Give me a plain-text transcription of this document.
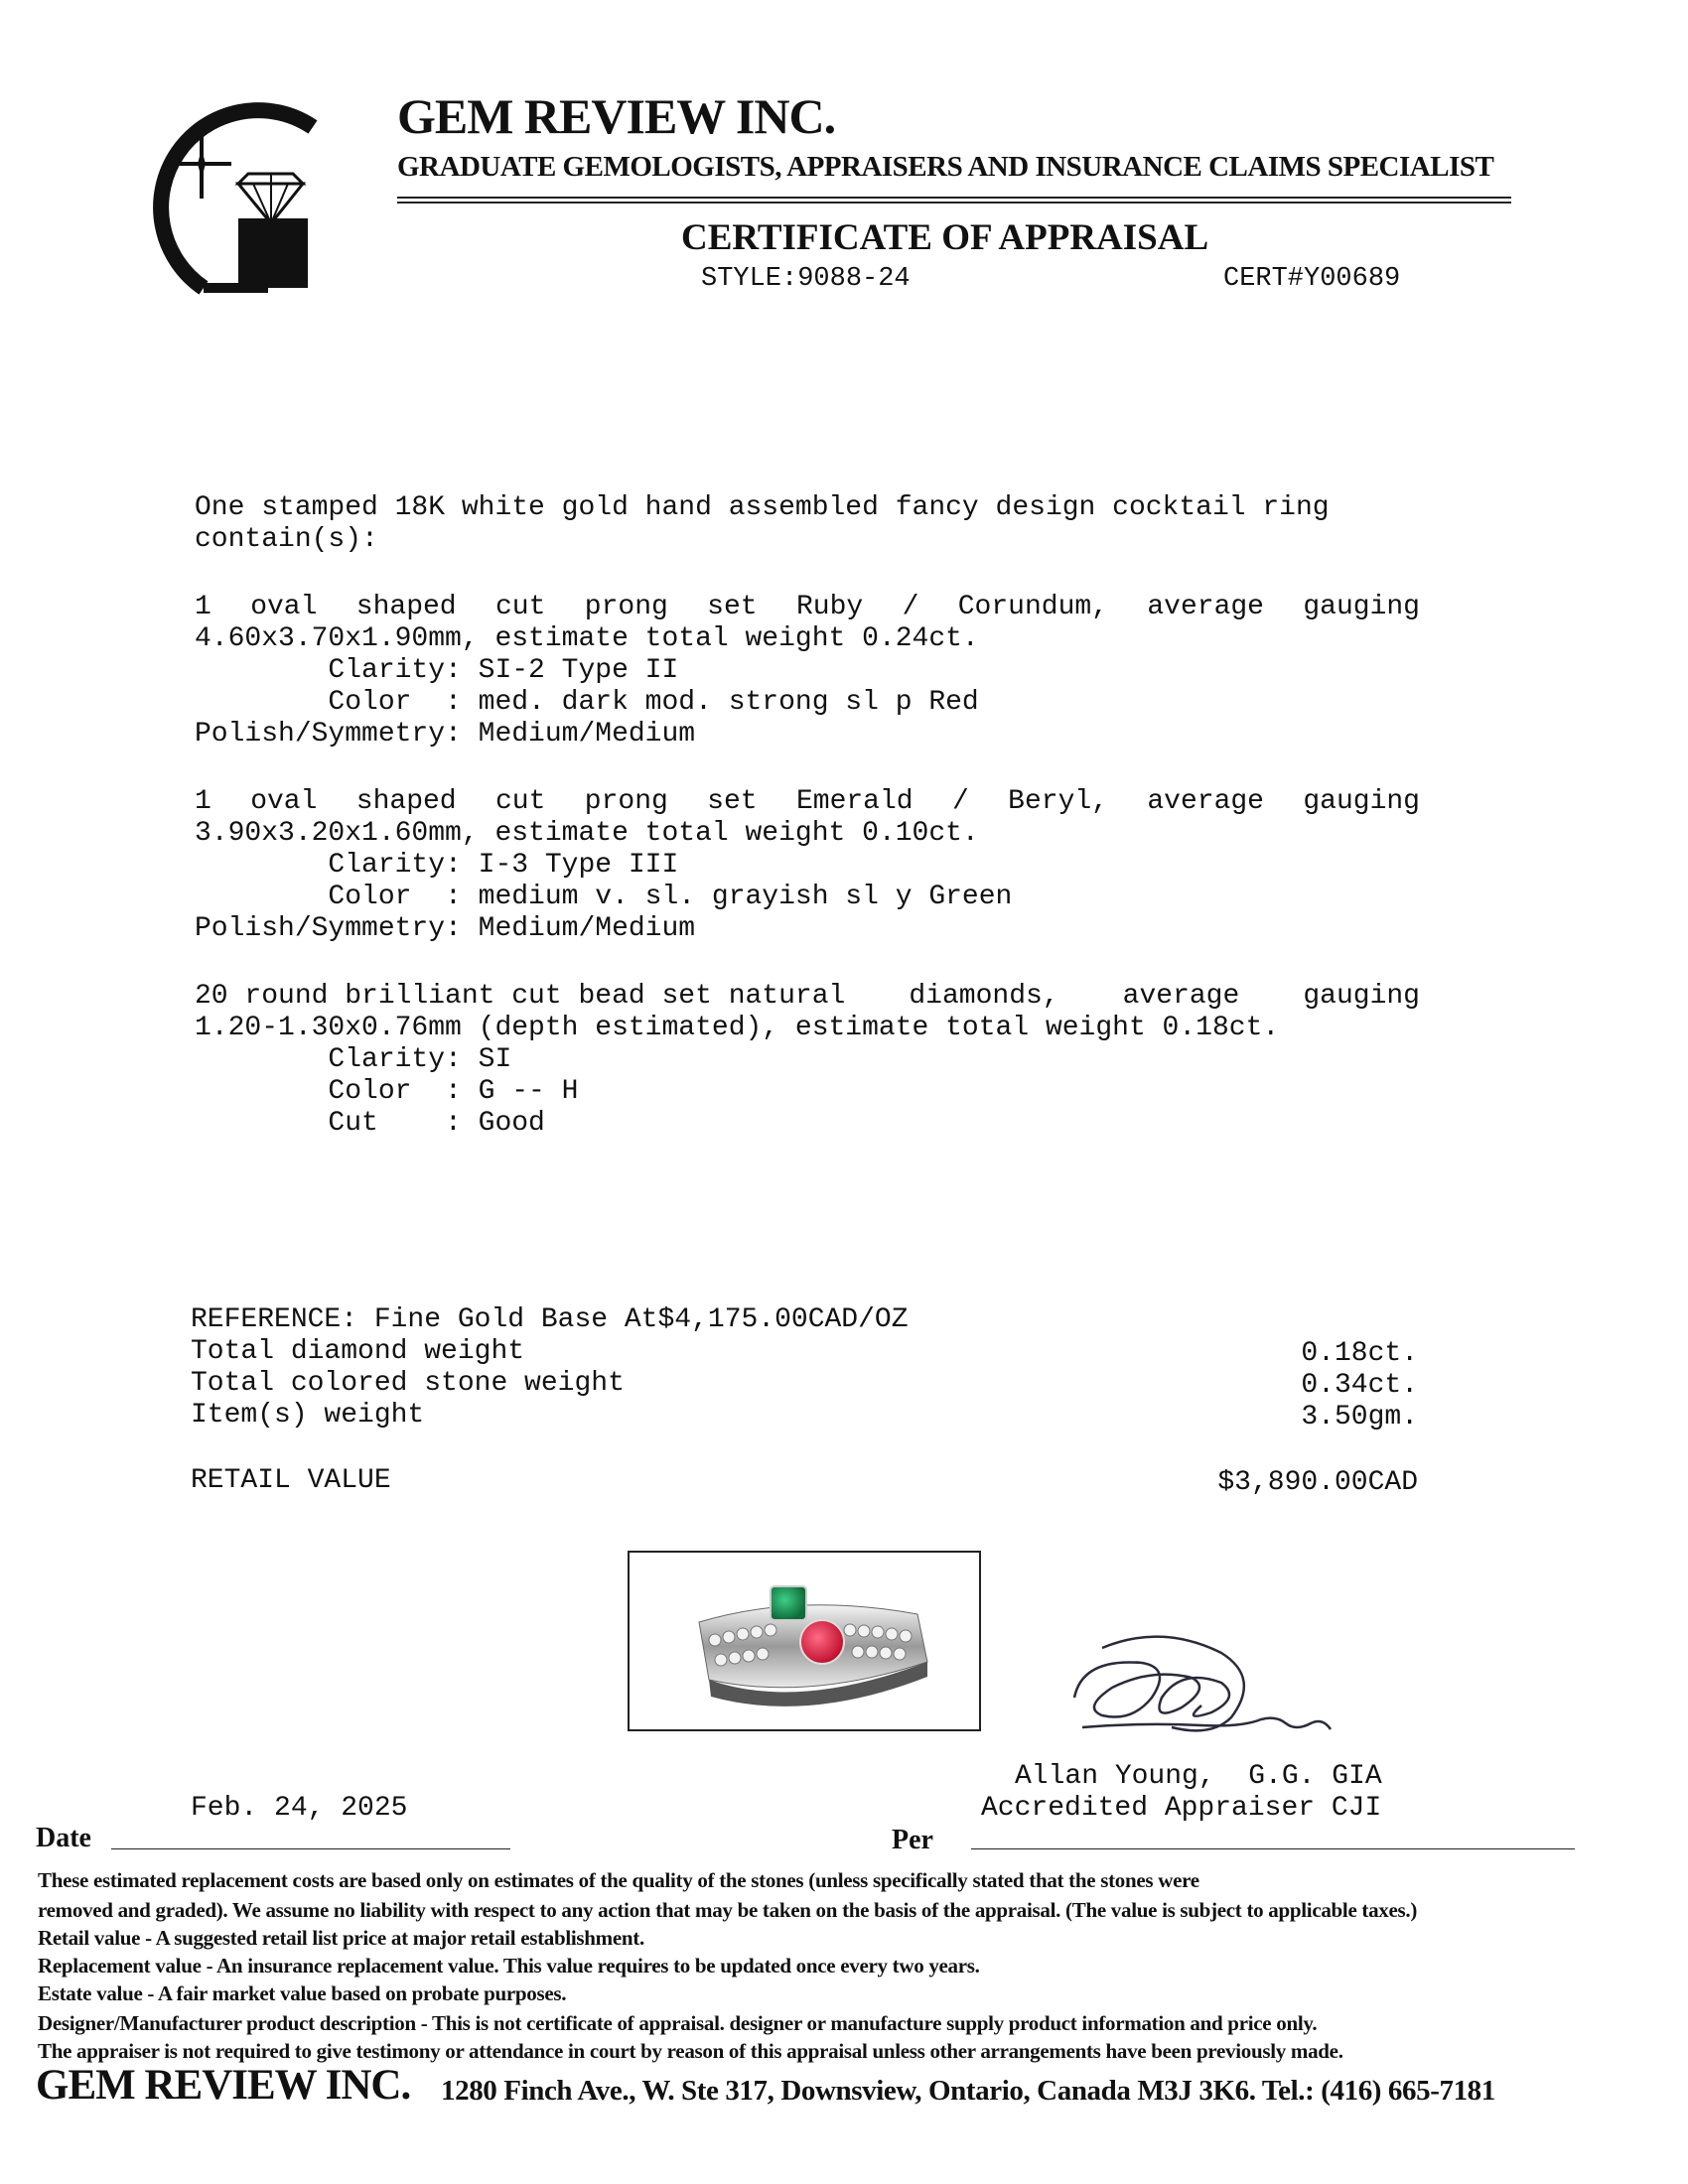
GEM REVIEW INC.
GRADUATE GEMOLOGISTS, APPRAISERS AND INSURANCE CLAIMS SPECIALIST
CERTIFICATE OF APPRAISAL
STYLE:9088-24	CERT#Y00689
One stamped 18K white gold hand assembled fancy design cocktail ring
contain(s):
1 oval shaped cut prong set Ruby / Corundum, average gauging
4.60x3.70x1.90mm, estimate total weight 0.24ct.
Clarity: SI-2 Type II
Color  : med. dark mod. strong sl p Red
Polish/Symmetry: Medium/Medium
1 oval shaped cut prong set Emerald / Beryl, average gauging
3.90x3.20x1.60mm, estimate total weight 0.10ct.
Clarity: I-3 Type III
Color  : medium v. sl. grayish sl y Green
Polish/Symmetry: Medium/Medium
20 round brilliant cut bead set natural diamonds, average gauging
1.20-1.30x0.76mm (depth estimated), estimate total weight 0.18ct.
Clarity: SI
Color  : G -- H
Cut    : Good
REFERENCE: Fine Gold Base At$4,175.00CAD/OZ
Total diamond weight	0.18ct.
Total colored stone weight	0.34ct.
Item(s) weight	3.50gm.
RETAIL VALUE	$3,890.00CAD
Allan Young,  G.G. GIA
Accredited Appraiser CJI
Feb. 24, 2025
Date	Per
These estimated replacement costs are based only on estimates of the quality of the stones (unless specifically stated that the stones were
removed and graded). We assume no liability with respect to any action that may be taken on the basis of the appraisal. (The value is subject to applicable taxes.)
Retail value - A suggested retail list price at major retail establishment.
Replacement value - An insurance replacement value. This value requires to be updated once every two years.
Estate value - A fair market value based on probate purposes.
Designer/Manufacturer product description - This is not certificate of appraisal. designer or manufacture supply product information and price only.
The appraiser is not required to give testimony or attendance in court by reason of this appraisal unless other arrangements have been previously made.
GEM REVIEW INC. 1280 Finch Ave., W. Ste 317, Downsview, Ontario, Canada M3J 3K6. Tel.: (416) 665-7181
